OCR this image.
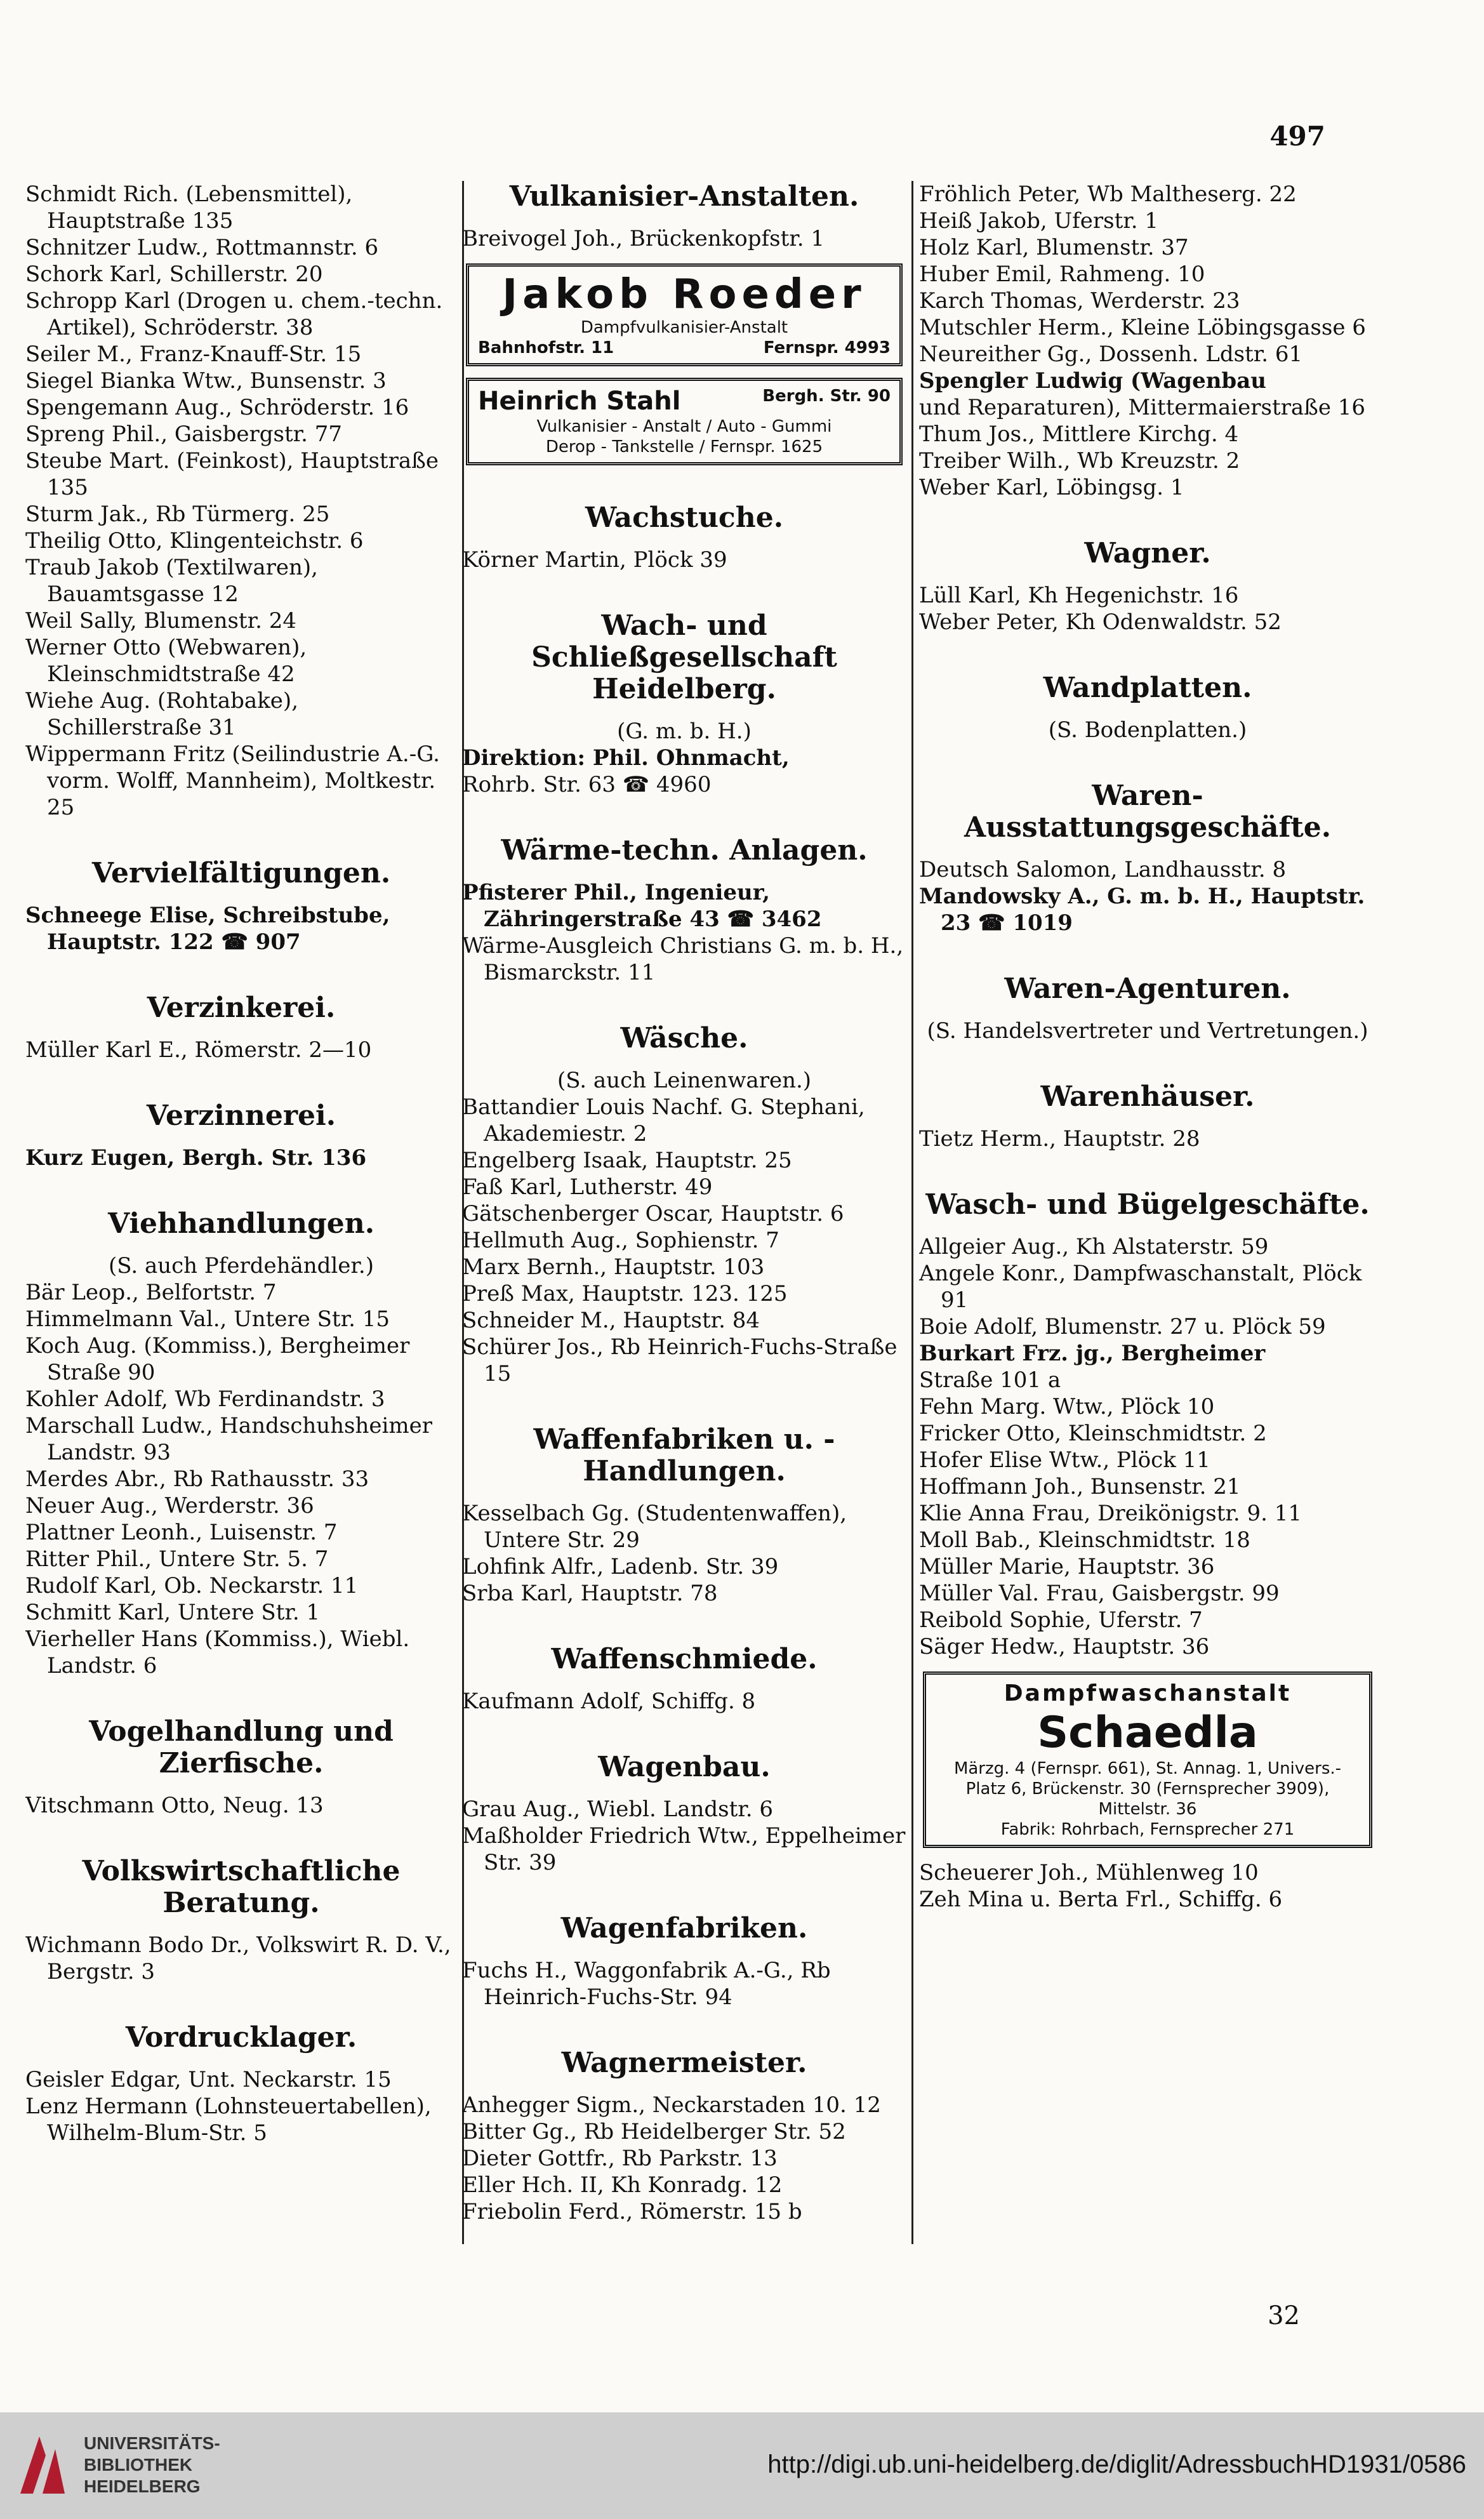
497
Schmidt Rich. (Lebensmittel), Hauptstraße 135
Schnitzer Ludw., Rottmannstr. 6
Schork Karl, Schillerstr. 20
Schropp Karl (Drogen u. chem.-techn. Artikel), Schröderstr. 38
Seiler M., Franz-Knauff-Str. 15
Siegel Bianka Wtw., Bunsenstr. 3
Spengemann Aug., Schröderstr. 16
Spreng Phil., Gaisbergstr. 77
Steube Mart. (Feinkost), Hauptstraße 135
Sturm Jak., Rb Türmerg. 25
Theilig Otto, Klingenteichstr. 6
Traub Jakob (Textilwaren), Bauamtsgasse 12
Weil Sally, Blumenstr. 24
Werner Otto (Webwaren), Kleinschmidtstraße 42
Wiehe Aug. (Rohtabake), Schillerstraße 31
Wippermann Fritz (Seilindustrie A.-G. vorm. Wolff, Mannheim), Moltkestr. 25
Vervielfältigungen.
Schneege Elise, Schreibstube, Hauptstr. 122 ☎ 907
Verzinkerei.
Müller Karl E., Römerstr. 2—10
Verzinnerei.
Kurz Eugen, Bergh. Str. 136
Viehhandlungen.
(S. auch Pferdehändler.)
Bär Leop., Belfortstr. 7
Himmelmann Val., Untere Str. 15
Koch Aug. (Kommiss.), Bergheimer Straße 90
Kohler Adolf, Wb Ferdinandstr. 3
Marschall Ludw., Handschuhsheimer Landstr. 93
Merdes Abr., Rb Rathausstr. 33
Neuer Aug., Werderstr. 36
Plattner Leonh., Luisenstr. 7
Ritter Phil., Untere Str. 5. 7
Rudolf Karl, Ob. Neckarstr. 11
Schmitt Karl, Untere Str. 1
Vierheller Hans (Kommiss.), Wiebl. Landstr. 6
Vogelhandlung und Zierfische.
Vitschmann Otto, Neug. 13
Volkswirtschaftliche Beratung.
Wichmann Bodo Dr., Volkswirt R. D. V., Bergstr. 3
Vordrucklager.
Geisler Edgar, Unt. Neckarstr. 15
Lenz Hermann (Lohnsteuertabellen), Wilhelm-Blum-Str. 5
Vulkanisier-Anstalten.
Breivogel Joh., Brückenkopfstr. 1
Jakob Roeder
Dampfvulkanisier-Anstalt
Bahnhofstr. 11	Fernspr. 4993
Heinrich Stahl	Bergh. Str. 90
Vulkanisier - Anstalt / Auto - Gummi
Derop - Tankstelle / Fernspr. 1625
Wachstuche.
Körner Martin, Plöck 39
Wach- und Schließgesellschaft Heidelberg.
(G. m. b. H.)
Direktion: Phil. Ohnmacht,
Rohrb. Str. 63 ☎ 4960
Wärme-techn. Anlagen.
Pfisterer Phil., Ingenieur, Zähringerstraße 43 ☎ 3462
Wärme-Ausgleich Christians G. m. b. H., Bismarckstr. 11
Wäsche.
(S. auch Leinenwaren.)
Battandier Louis Nachf. G. Stephani, Akademiestr. 2
Engelberg Isaak, Hauptstr. 25
Faß Karl, Lutherstr. 49
Gätschenberger Oscar, Hauptstr. 6
Hellmuth Aug., Sophienstr. 7
Marx Bernh., Hauptstr. 103
Preß Max, Hauptstr. 123. 125
Schneider M., Hauptstr. 84
Schürer Jos., Rb Heinrich-Fuchs-Straße 15
Waffenfabriken u. -Handlungen.
Kesselbach Gg. (Studentenwaffen), Untere Str. 29
Lohfink Alfr., Ladenb. Str. 39
Srba Karl, Hauptstr. 78
Waffenschmiede.
Kaufmann Adolf, Schiffg. 8
Wagenbau.
Grau Aug., Wiebl. Landstr. 6
Maßholder Friedrich Wtw., Eppelheimer Str. 39
Wagenfabriken.
Fuchs H., Waggonfabrik A.-G., Rb Heinrich-Fuchs-Str. 94
Wagnermeister.
Anhegger Sigm., Neckarstaden 10. 12
Bitter Gg., Rb Heidelberger Str. 52
Dieter Gottfr., Rb Parkstr. 13
Eller Hch. II, Kh Konradg. 12
Friebolin Ferd., Römerstr. 15 b
Fröhlich Peter, Wb Maltheserg. 22
Heiß Jakob, Uferstr. 1
Holz Karl, Blumenstr. 37
Huber Emil, Rahmeng. 10
Karch Thomas, Werderstr. 23
Mutschler Herm., Kleine Löbingsgasse 6
Neureither Gg., Dossenh. Ldstr. 61
Spengler Ludwig (Wagenbau
und Reparaturen), Mittermaierstraße 16
Thum Jos., Mittlere Kirchg. 4
Treiber Wilh., Wb Kreuzstr. 2
Weber Karl, Löbingsg. 1
Wagner.
Lüll Karl, Kh Hegenichstr. 16
Weber Peter, Kh Odenwaldstr. 52
Wandplatten.
(S. Bodenplatten.)
Waren-Ausstattungsgeschäfte.
Deutsch Salomon, Landhausstr. 8
Mandowsky A., G. m. b. H., Hauptstr. 23 ☎ 1019
Waren-Agenturen.
(S. Handelsvertreter und Vertretungen.)
Warenhäuser.
Tietz Herm., Hauptstr. 28
Wasch- und Bügelgeschäfte.
Allgeier Aug., Kh Alstaterstr. 59
Angele Konr., Dampfwaschanstalt, Plöck 91
Boie Adolf, Blumenstr. 27 u. Plöck 59
Burkart Frz. jg., Bergheimer
Straße 101 a
Fehn Marg. Wtw., Plöck 10
Fricker Otto, Kleinschmidtstr. 2
Hofer Elise Wtw., Plöck 11
Hoffmann Joh., Bunsenstr. 21
Klie Anna Frau, Dreikönigstr. 9. 11
Moll Bab., Kleinschmidtstr. 18
Müller Marie, Hauptstr. 36
Müller Val. Frau, Gaisbergstr. 99
Reibold Sophie, Uferstr. 7
Säger Hedw., Hauptstr. 36
Dampfwaschanstalt
Schaedla
Märzg. 4 (Fernspr. 661), St. Annag. 1, Univers.-Platz 6, Brückenstr. 30 (Fernsprecher 3909), Mittelstr. 36
Fabrik: Rohrbach, Fernsprecher 271
Scheuerer Joh., Mühlenweg 10
Zeh Mina u. Berta Frl., Schiffg. 6
32
UNIVERSITÄTS-
BIBLIOTHEK
HEIDELBERG
http://digi.ub.uni-heidelberg.de/diglit/AdressbuchHD1931/0586
